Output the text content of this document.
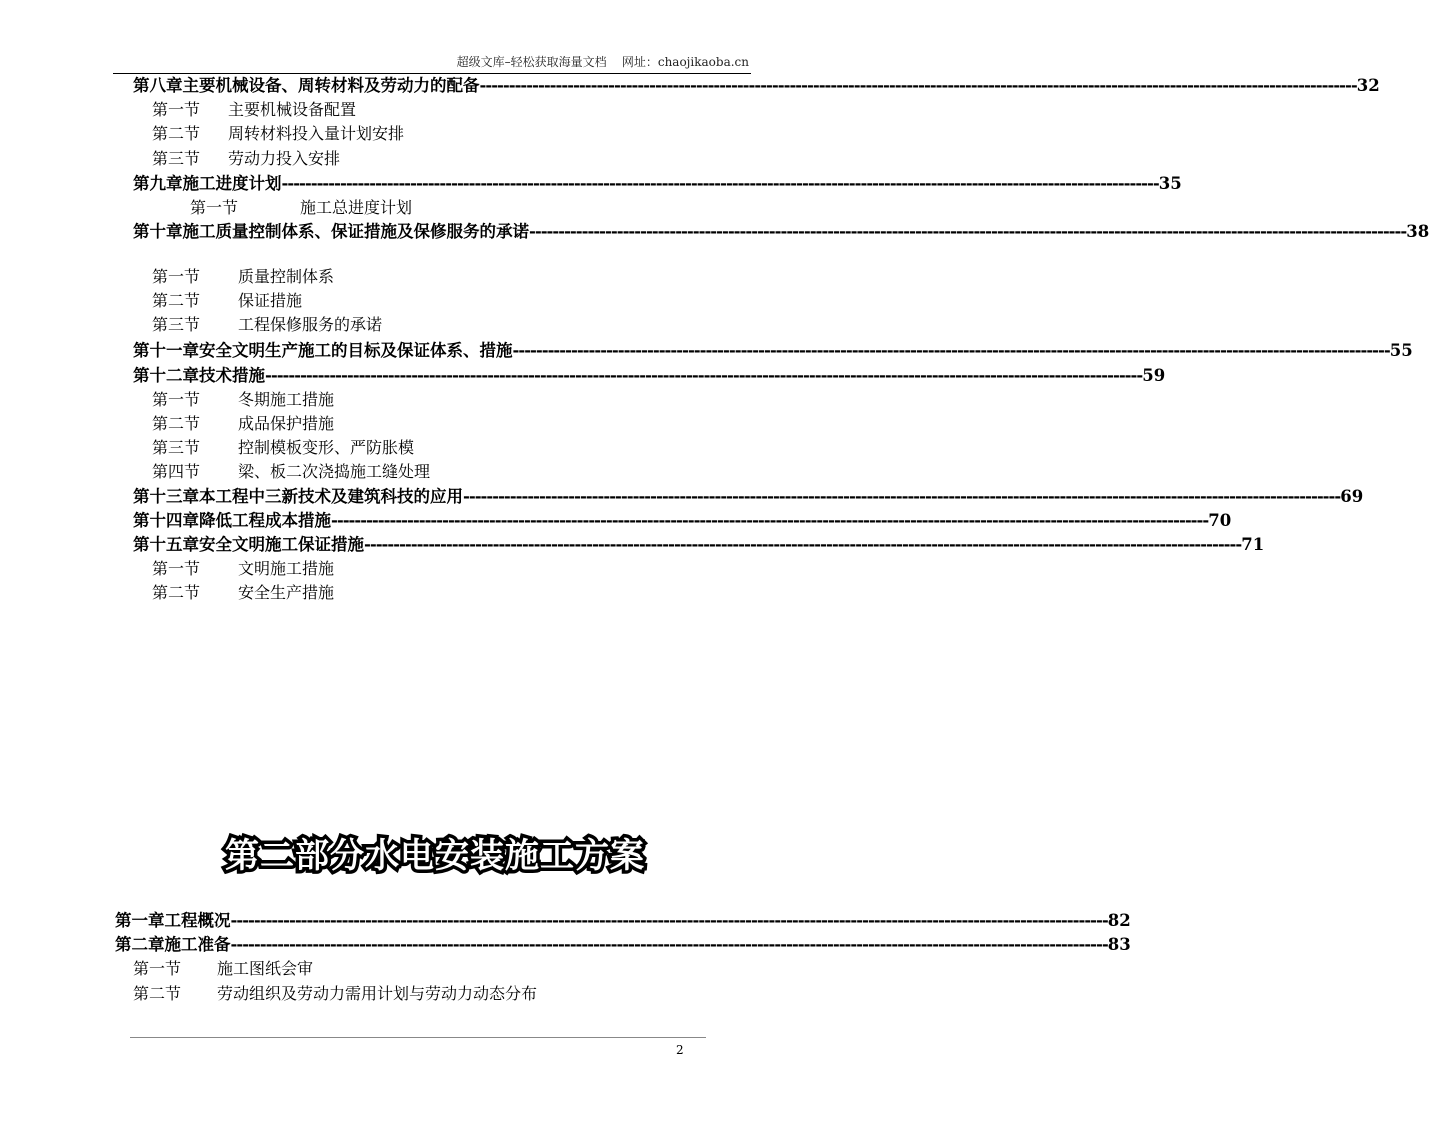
超级文库–轻松获取海量文档    网址：chaojikaoba.cn
第八章 主要机械设备、周转材料及劳动力的配备 ------------------------------------------------------------------------------------------------------------------------------------------------------ 32
第一节	主要机械设备配置
第二节	周转材料投入量计划安排
第三节	劳动力投入安排
第九章 施工进度计划 ------------------------------------------------------------------------------------------------------------------------------------------------------ 35
第一节	施工总进度计划
第十章 施工质量控制体系、保证措施及保修服务的承诺 ------------------------------------------------------------------------------------------------------------------------------------------------------ 38
第一节	质量控制体系
第二节	保证措施
第三节	工程保修服务的承诺
第十一章 安全文明生产施工的目标及保证体系、措施 ------------------------------------------------------------------------------------------------------------------------------------------------------ 55
第十二章 技术措施 ------------------------------------------------------------------------------------------------------------------------------------------------------ 59
第一节	冬期施工措施
第二节	成品保护措施
第三节	控制模板变形、严防胀模
第四节	梁、板二次浇捣施工缝处理
第十三章 本工程中三新技术及建筑科技的应用 ------------------------------------------------------------------------------------------------------------------------------------------------------ 69
第十四章 降低工程成本措施 ------------------------------------------------------------------------------------------------------------------------------------------------------ 70
第十五章 安全文明施工保证措施 ------------------------------------------------------------------------------------------------------------------------------------------------------ 71
第一节	文明施工措施
第二节	安全生产措施
第二部分水电安装施工方案
第一章 工程概况 ------------------------------------------------------------------------------------------------------------------------------------------------------ 82
第二章 施工准备 ------------------------------------------------------------------------------------------------------------------------------------------------------ 83
第一节	施工图纸会审
第二节	劳动组织及劳动力需用计划与劳动力动态分布
2
